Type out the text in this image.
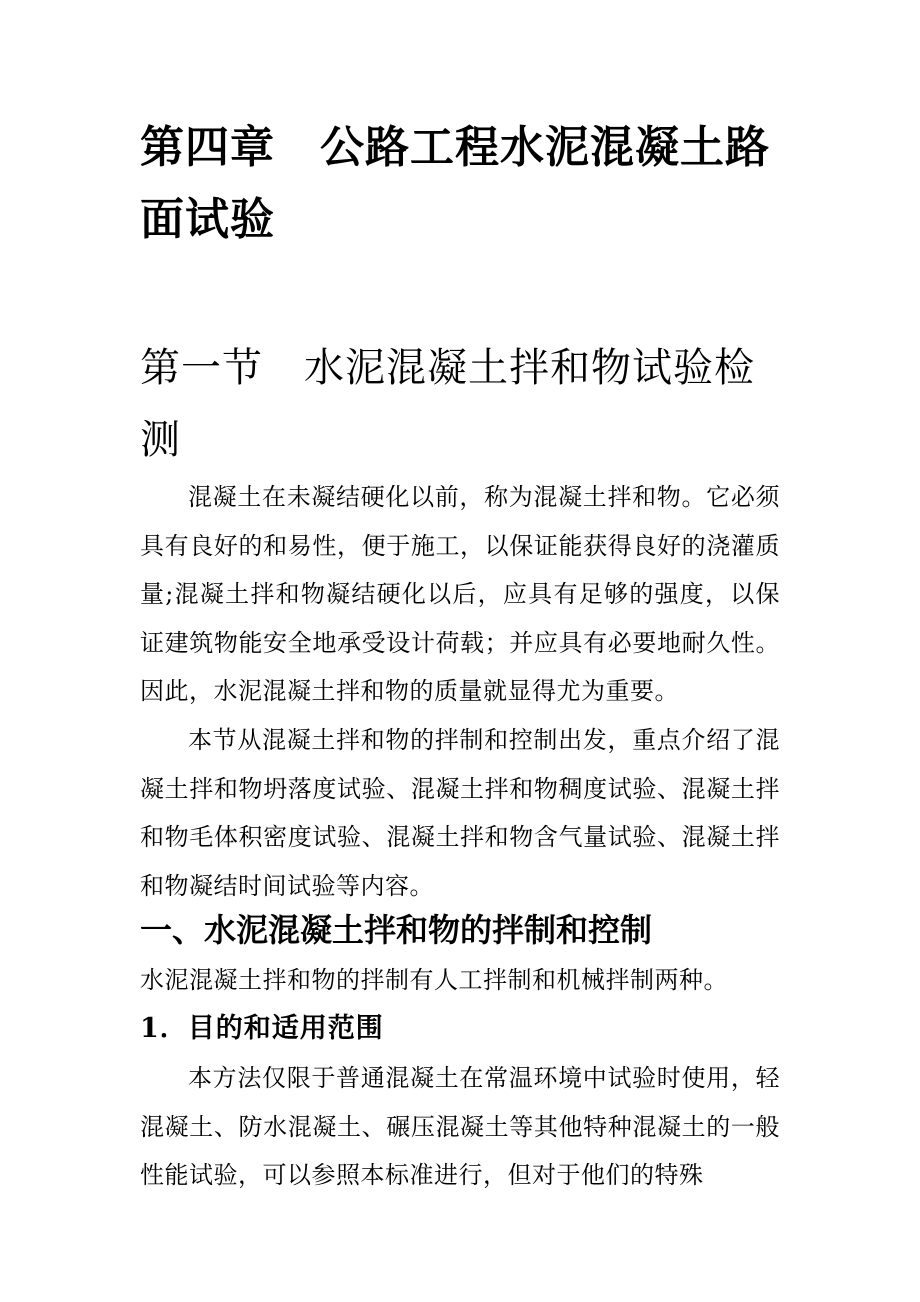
第四章　公路工程水泥混凝土路面试验
第一节　水泥混凝土拌和物试验检测

混凝土在未凝结硬化以前，称为混凝土拌和物。它必须具有良好的和易性，便于施工，以保证能获得良好的浇灌质量;混凝土拌和物凝结硬化以后，应具有足够的强度，以保证建筑物能安全地承受设计荷载；并应具有必要地耐久性。因此，水泥混凝土拌和物的质量就显得尤为重要。

本节从混凝土拌和物的拌制和控制出发，重点介绍了混凝土拌和物坍落度试验、混凝土拌和物稠度试验、混凝土拌和物毛体积密度试验、混凝土拌和物含气量试验、混凝土拌和物凝结时间试验等内容。

一、水泥混凝土拌和物的拌制和控制

水泥混凝土拌和物的拌制有人工拌制和机械拌制两种。

1．目的和适用范围

本方法仅限于普通混凝土在常温环境中试验时使用，轻混凝土、防水混凝土、碾压混凝土等其他特种混凝土的一般性能试验，可以参照本标准进行，但对于他们的特殊
